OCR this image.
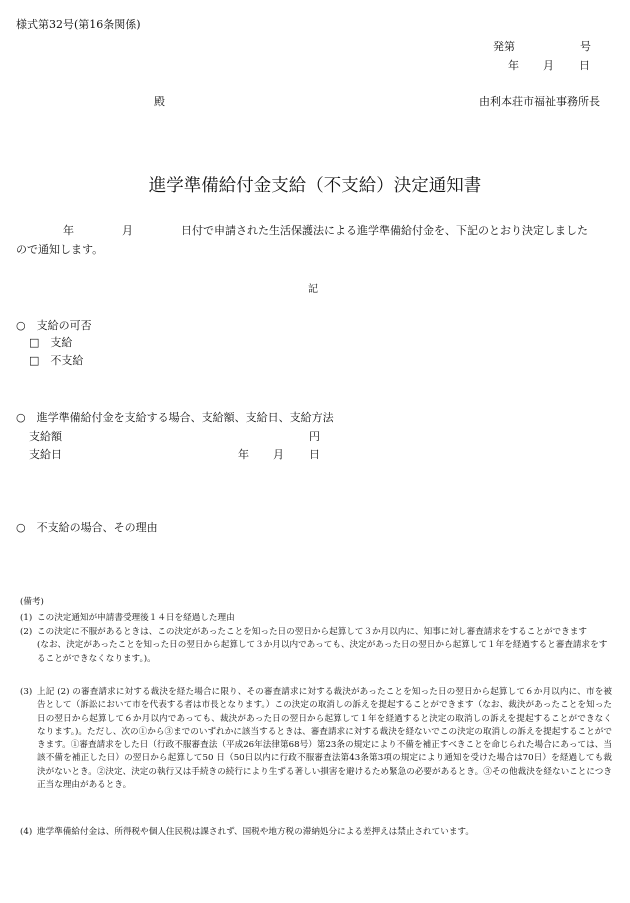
様式第32号(第16条関係)
発第	号
年 月 日
殿	由利本荘市福祉事務所長
進学準備給付金支給（不支給）決定通知書
年	月	日付で申請された生活保護法による進学準備給付金を、下記のとおり決定しました
ので通知します。
記
○　支給の可否
□　支給
□　不支給
○　進学準備給付金を支給する場合、支給額、支給日、支給方法
支給額	円
支給日	年 月 日
○　不支給の場合、その理由
(備考)
(1) この決定通知が申請書受理後１４日を経過した理由
(2) この決定に不服があるときは、この決定があったことを知った日の翌日から起算して３か月以内に、知事に対し審査請求をすることができます
(なお、決定があったことを知った日の翌日から起算して３か月以内であっても、決定があった日の翌日から起算して１年を経過すると審査請求をすることができなくなります。)。
(3) 上記 (2) の審査請求に対する裁決を経た場合に限り、その審査請求に対する裁決があったことを知った日の翌日から起算して６か月以内に、市を被告として（訴訟において市を代表する者は市長となります。）この決定の取消しの訴えを提起することができます（なお、裁決があったことを知った日の翌日から起算して６か月以内であっても、裁決があった日の翌日から起算して１年を経過すると決定の取消しの訴えを提起することができなくなります。)。ただし、次の①から③までのいずれかに該当するときは、審査請求に対する裁決を経ないでこの決定の取消しの訴えを提起することができます。①審査請求をした日（行政不服審査法（平成26年法律第68号）第23条の規定により不備を補正すべきことを命じられた場合にあっては、当該不備を補正した日）の翌日から起算して50 日（50日以内に行政不服審査法第43条第3項の規定により通知を受けた場合は70日）を経過しても裁決がないとき。②決定、決定の執行又は手続きの続行により生ずる著しい損害を避けるため緊急の必要があるとき。③その他裁決を経ないことにつき正当な理由があるとき。
(4) 進学準備給付金は、所得税や個人住民税は課されず、国税や地方税の滞納処分による差押えは禁止されています。
